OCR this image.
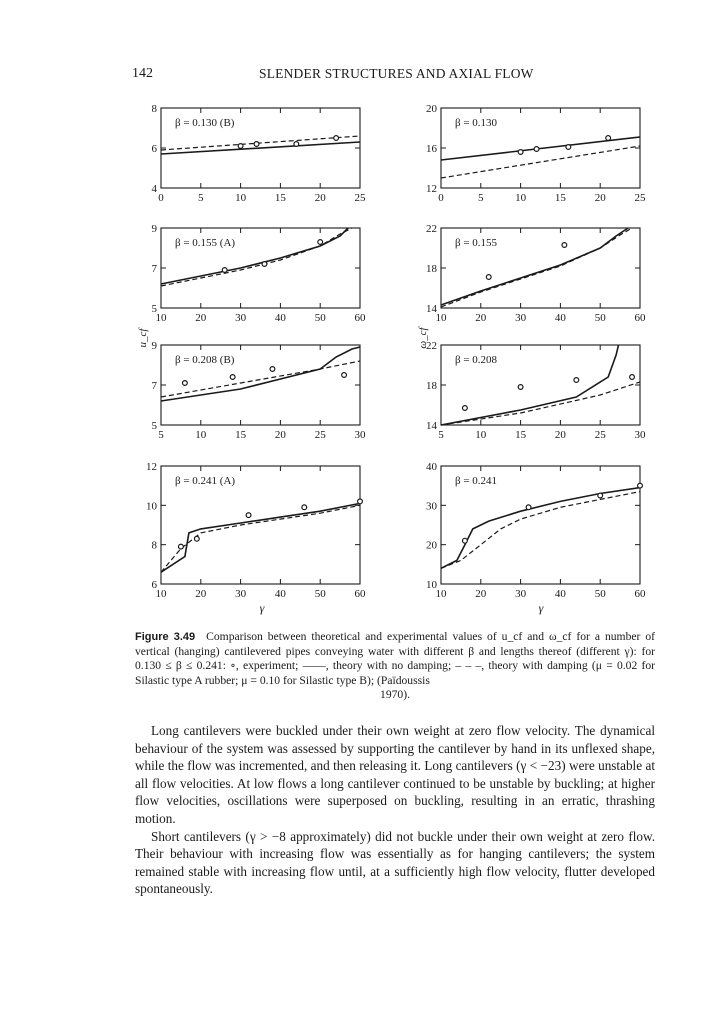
142	SLENDER STRUCTURES AND AXIAL FLOW
0	5	10	15	20	25
4
6
8
β = 0.130 (B)
0	5	10	15	20	25
12
16
20
β = 0.130
10	20	30	40	50	60
5
7
9
β = 0.155 (A)
10	20	30	40	50	60
14
18
22
β = 0.155
5	10	15	20	25	30
5
7
9
β = 0.208 (B)
5	10	15	20	25	30
14
18
22
β = 0.208
10	20	30	40	50	60
6
8
10
12
β = 0.241 (A)
10	20	30	40	50	60
10
20
30
40
β = 0.241
u_cf	ω_cf
γ	γ
Figure 3.49 Comparison between theoretical and experimental values of u_cf and ω_cf for a number of vertical (hanging) cantilevered pipes conveying water with different β and lengths thereof (different γ): for 0.130 ≤ β ≤ 0.241: ∘, experiment; ——, theory with no damping; – – –, theory with damping (μ = 0.02 for Silastic type A rubber; μ = 0.10 for Silastic type B); (Païdoussis
1970).

Long cantilevers were buckled under their own weight at zero flow velocity. The dynamical behaviour of the system was assessed by supporting the cantilever by hand in its unflexed shape, while the flow was incremented, and then releasing it. Long cantilevers (γ < −23) were unstable at all flow velocities. At low flows a long cantilever continued to be unstable by buckling; at higher flow velocities, oscillations were superposed on buckling, resulting in an erratic, thrashing motion.

Short cantilevers (γ > −8 approximately) did not buckle under their own weight at zero flow. Their behaviour with increasing flow was essentially as for hanging cantilevers; the system remained stable with increasing flow until, at a sufficiently high flow velocity, flutter developed spontaneously.
